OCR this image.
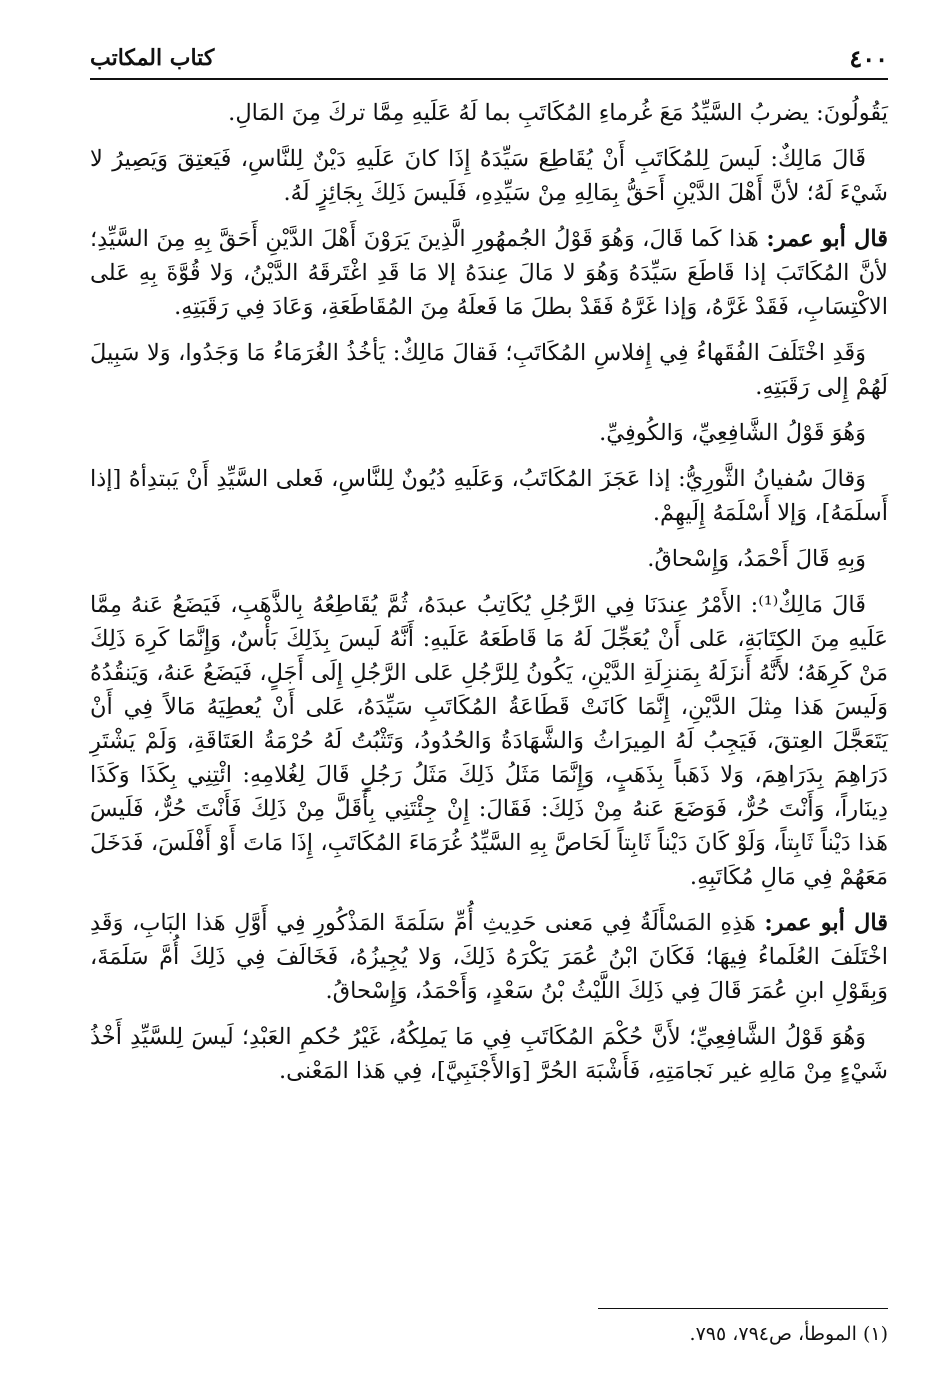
٤٠٠
كتاب المكاتب

يَقُولُونَ: يضربُ السَّيِّدُ مَعَ غُرماءِ المُكَاتَبِ بما لَهُ عَلَيهِ مِمَّا تركَ مِنَ المَالِ.

قَالَ مَالِكٌ: لَيسَ لِلمُكَاتَبِ أَنْ يُقَاطِعَ سَيِّدَهُ إِذَا كانَ عَلَيهِ دَيْنٌ لِلنَّاسِ، فَيَعتِقَ وَيَصِيرُ لا شَيْءَ لَهُ؛ لأنَّ أَهْلَ الدَّيْنِ أَحَقُّ بِمَالِهِ مِنْ سَيِّدِهِ، فَلَيسَ ذَلِكَ بِجَائِزٍ لَهُ.

قال أبو عمر: هَذا كَما قَالَ، وَهُوَ قَوْلُ الجُمهُورِ الَّذِينَ يَرَوْنَ أَهْلَ الدَّيْنِ أَحَقَّ بِهِ مِنَ السَّيِّدِ؛ لأنَّ المُكَاتَبَ إذا قَاطَعَ سَيِّدَهُ وَهُوَ لا مَالَ عِندَهُ إلا مَا قَدِ اغْتَرقَهُ الدَّيْنُ، وَلا قُوَّةَ بِهِ عَلى الاكْتِسَابِ، فَقَدْ غَرَّهُ، وَإذا غَرَّهُ فَقَدْ بطلَ مَا فَعلَهُ مِنَ المُقَاطَعَةِ، وَعَادَ فِي رَقَبَتِهِ.

وَقَدِ اخْتَلَفَ الفُقَهاءُ فِي إِفلاسِ المُكَاتَبِ؛ فَقالَ مَالِكٌ: يَأخُذُ الغُرَمَاءُ مَا وَجَدُوا، وَلا سَبِيلَ لَهُمْ إِلى رَقَبَتِهِ.

وَهُوَ قَوْلُ الشَّافِعِيِّ، وَالكُوفِيِّ.

وَقالَ سُفيانُ الثَّورِيُّ: إذا عَجَزَ المُكَاتَبُ، وَعَلَيهِ دُيُونٌ لِلنَّاسِ، فَعلى السَّيِّدِ أَنْ يَبتدِأهُ [إذا أَسلَمَهُ]، وَإلا أَسْلَمَهُ إِلَيهِمْ.

وَبِهِ قَالَ أَحْمَدُ، وَإِسْحاقُ.

قَالَ مَالِكٌ⁽¹⁾: الأَمْرُ عِندَنَا فِي الرَّجُلِ يُكَاتِبُ عبدَهُ، ثُمَّ يُقَاطِعُهُ بِالذَّهَبِ، فَيَضَعُ عَنهُ مِمَّا عَلَيهِ مِنَ الكِتَابَةِ، عَلى أَنْ يُعَجِّلَ لَهُ مَا قَاطَعَهُ عَلَيهِ: أَنَّهُ لَيسَ بِذَلِكَ بَأْسٌ، وَإِنَّمَا كَرِهَ ذَلِكَ مَنْ كَرِهَهُ؛ لأَنَّهُ أَنزَلَهُ بِمَنزِلَةِ الدَّيْنِ، يَكُونُ لِلرَّجُلِ عَلى الرَّجُلِ إِلَى أَجَلٍ، فَيَضَعُ عَنهُ، وَيَنقُدُهُ وَلَيسَ هَذا مِثلَ الدَّيْنِ، إِنَّمَا كَانَتْ قَطَاعَةُ المُكَاتَبِ سَيِّدَهُ، عَلى أَنْ يُعطِيَهُ مَالاً فِي أَنْ يَتَعَجَّلَ العِتقَ، فَيَجِبُ لَهُ المِيرَاثُ وَالشَّهَادَةُ وَالحُدُودُ، وَتَثْبُتُ لَهُ حُرْمَةُ العَتَاقَةِ، وَلَمْ يَشْتَرِ دَرَاهِمَ بِدَرَاهِمَ، وَلا ذَهَباً بِذَهَبٍ، وَإِنَّمَا مَثَلُ ذَلِكَ مَثَلُ رَجُلٍ قَالَ لِغُلامِهِ: ائْتِنِي بِكَذَا وَكَذَا دِينَاراً، وَأَنْتَ حُرٌّ، فَوَضَعَ عَنهُ مِنْ ذَلِكَ: فَقَالَ: إِنْ جِئْتَنِي بِأَقَلَّ مِنْ ذَلِكَ فَأَنْتَ حُرٌّ، فَلَيسَ هَذا دَيْناً ثَابِتاً، وَلَوْ كَانَ دَيْناً ثَابِتاً لَحَاصَّ بِهِ السَّيِّدُ غُرَمَاءَ المُكَاتَبِ، إِذَا مَاتَ أَوْ أَفْلَسَ، فَدَخَلَ مَعَهُمْ فِي مَالِ مُكَاتَبِهِ.

قال أبو عمر: هَذِهِ المَسْأَلَةُ فِي مَعنى حَدِيثِ أُمِّ سَلَمَةَ المَذْكُورِ فِي أَوَّلِ هَذا البَابِ، وَقَدِ اخْتَلَفَ العُلَماءُ فِيهَا؛ فَكَانَ ابْنُ عُمَرَ يَكْرَهُ ذَلِكَ، وَلا يُجِيزُهُ، فَخَالَفَ فِي ذَلِكَ أُمَّ سَلَمَةَ، وَبِقَوْلِ ابنِ عُمَرَ قَالَ فِي ذَلِكَ اللَّيْثُ بْنُ سَعْدٍ، وَأَحْمَدُ، وَإِسْحاقُ.

وَهُوَ قَوْلُ الشَّافِعِيِّ؛ لأَنَّ حُكْمَ المُكَاتَبِ فِي مَا يَملِكُهُ، غَيْرُ حُكمِ العَبْدِ؛ لَيسَ لِلسَّيِّدِ أَخْذُ شَيْءٍ مِنْ مَالِهِ غير نَجامَتِهِ، فَأَشْبَهَ الحُرَّ [وَالأَجْنَبِيَّ]، فِي هَذا المَعْنى.

(١) الموطأ، ص٧٩٤، ٧٩٥.
